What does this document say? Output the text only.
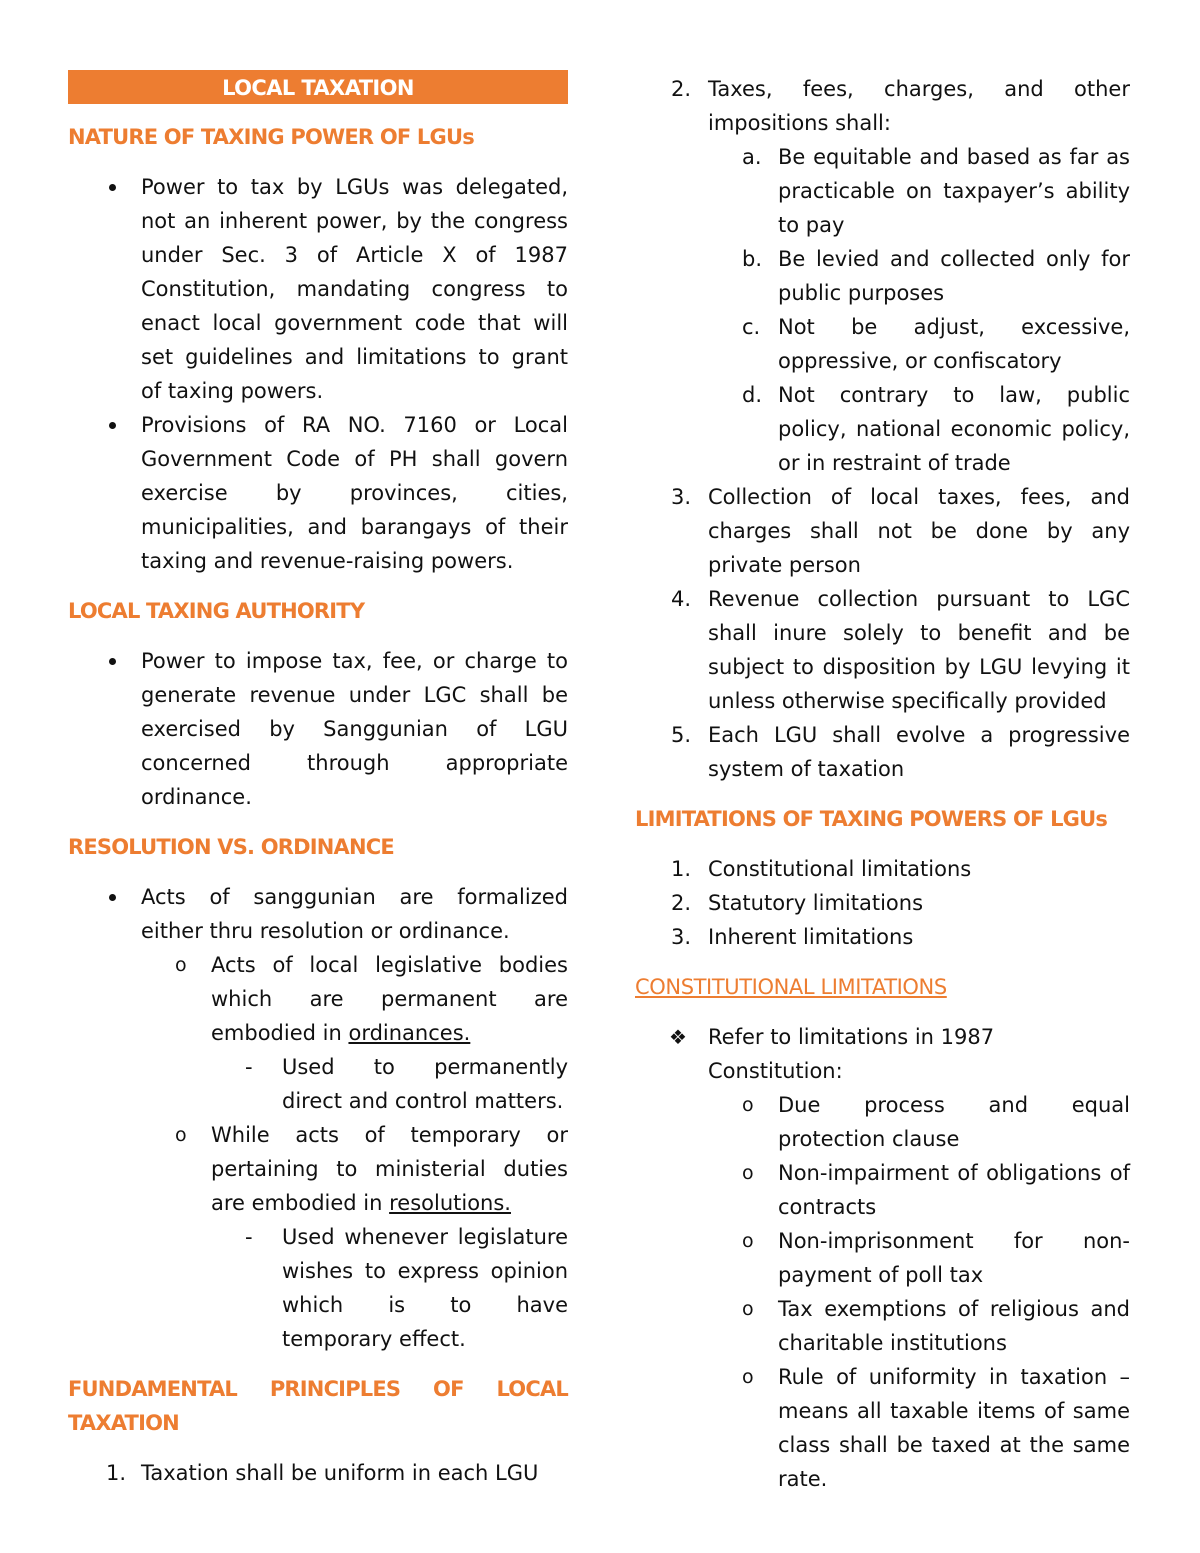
LOCAL TAXATION

NATURE OF TAXING POWER OF LGUs

Power to tax by LGUs was delegated, not an inherent power, by the congress under Sec. 3 of Article X of 1987 Constitution, mandating congress to enact local government code that will set guidelines and limitations to grant of taxing powers.
Provisions of RA NO. 7160 or Local Government Code of PH shall govern exercise by provinces, cities, municipalities, and barangays of their taxing and revenue-raising powers.

LOCAL TAXING AUTHORITY

Power to impose tax, fee, or charge to generate revenue under LGC shall be exercised by Sanggunian of LGU concerned through appropriate ordinance.

RESOLUTION VS. ORDINANCE

Acts of sanggunian are formalized either thru resolution or ordinance.
o Acts of local legislative bodies which are permanent are embodied in ordinances.
- Used to permanently direct and control matters.
o While acts of temporary or pertaining to ministerial duties are embodied in resolutions.
- Used whenever legislature wishes to express opinion which is to have temporary effect.

FUNDAMENTAL PRINCIPLES OF LOCAL TAXATION

1. Taxation shall be uniform in each LGU
2. Taxes, fees, charges, and other impositions shall:
a. Be equitable and based as far as practicable on taxpayer’s ability to pay
b. Be levied and collected only for public purposes
c. Not be adjust, excessive, oppressive, or confiscatory
d. Not contrary to law, public policy, national economic policy, or in restraint of trade
3. Collection of local taxes, fees, and charges shall not be done by any private person
4. Revenue collection pursuant to LGC shall inure solely to benefit and be subject to disposition by LGU levying it unless otherwise specifically provided
5. Each LGU shall evolve a progressive system of taxation

LIMITATIONS OF TAXING POWERS OF LGUs

1. Constitutional limitations
2. Statutory limitations
3. Inherent limitations

CONSTITUTIONAL LIMITATIONS

❖ Refer to limitations in 1987 Constitution:
o Due process and equal protection clause
o Non-impairment of obligations of contracts
o Non-imprisonment for non-payment of poll tax
o Tax exemptions of religious and charitable institutions
o Rule of uniformity in taxation – means all taxable items of same class shall be taxed at the same rate.
